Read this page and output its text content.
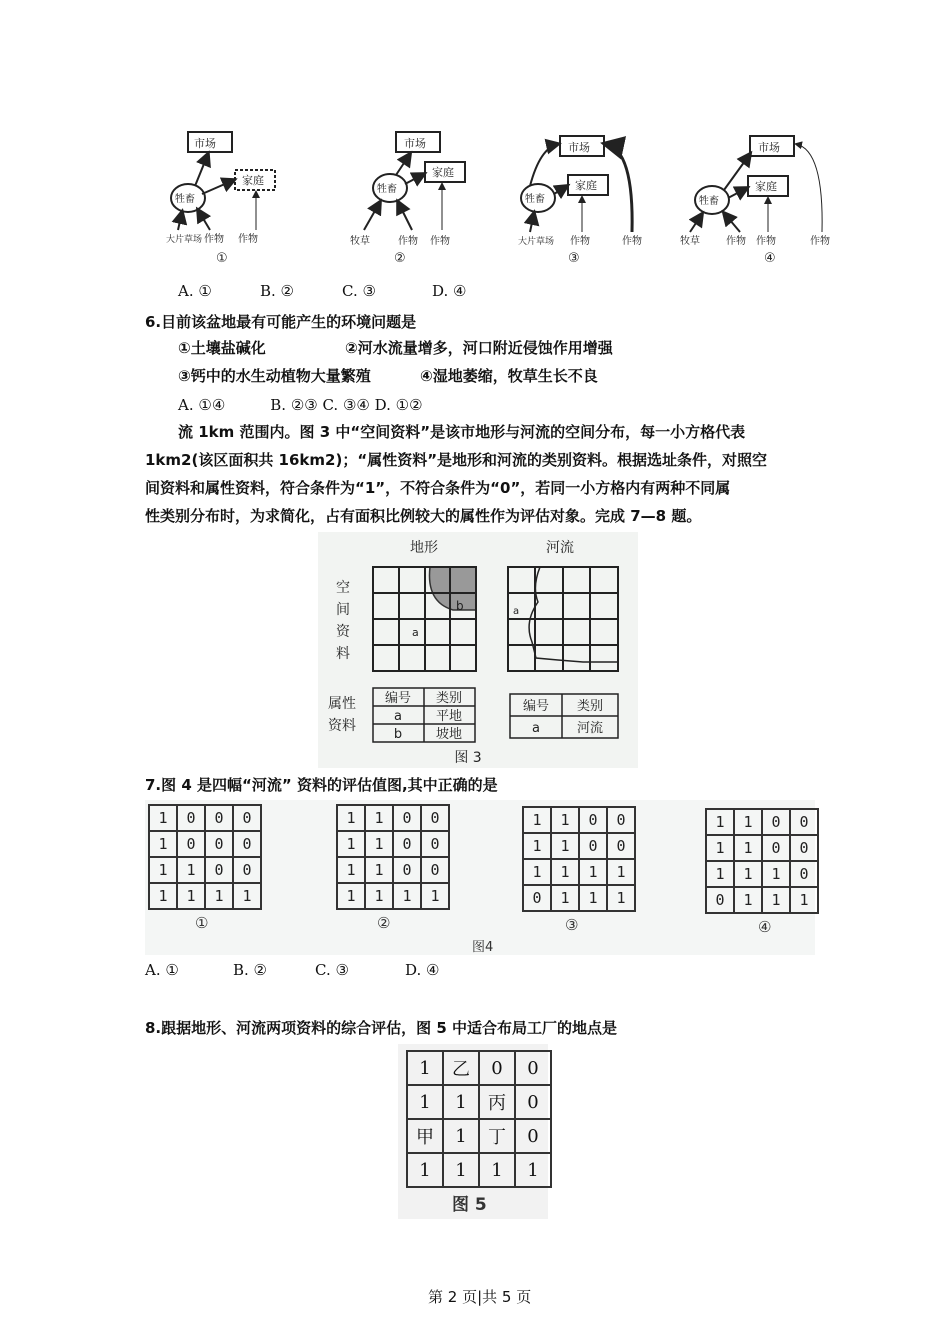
市场
家庭
牲畜
大片草场 作物 作物
①
市场
家庭
牲畜
牧草	作物 作物
②
市场
家庭
牲畜
大片草场 作物	作物
③
市场
家庭
牲畜
牧草	作物 作物	作物
④
A. ①	B. ②	C. ③	D. ④
6.目前该盆地最有可能产生的环境问题是
①土壤盐碱化	②河水流量增多，河口附近侵蚀作用增强
③钙中的水生动植物大量繁殖	④湿地萎缩，牧草生长不良
A. ①④　　　B. ②③ C. ③④ D. ①②
流 1km 范围内。图 3 中“空间资料”是该市地形与河流的空间分布，每一小方格代表
1km2(该区面积共 16km2)；“属性资料”是地形和河流的类别资料。根据选址条件，对照空
间资料和属性资料，符合条件为“1”，不符合条件为“0”，若同一小方格内有两种不同属
性类别分布时，为求简化，占有面积比例较大的属性作为评估对象。完成 7—8 题。
地形	河流
空
间
资
料
a
b	a
属性
资料
编号 类别
a	平地
b	坡地
编号 类别
a	河流
图 3
7.图 4 是四幅“河流” 资料的评估值图,其中正确的是
1	0	0	0
1	0	0	0
1	1	0	0
1	1	1	1
①
1	1	0	0
1	1	0	0
1	1	0	0
1	1	1	1
②
1	1	0	0
1	1	0	0
1	1	1	1
0	1	1	1
③
1	1	0	0
1	1	0	0
1	1	1	0
0	1	1	1
④
图4
A. ①	B. ②	C. ③	D. ④
8.跟据地形、河流两项资料的综合评估，图 5 中适合布局工厂的地点是
1	乙	0	0
1	1	丙	0
甲	1	丁	0
1	1	1	1
图 5
第 2 页|共 5 页
